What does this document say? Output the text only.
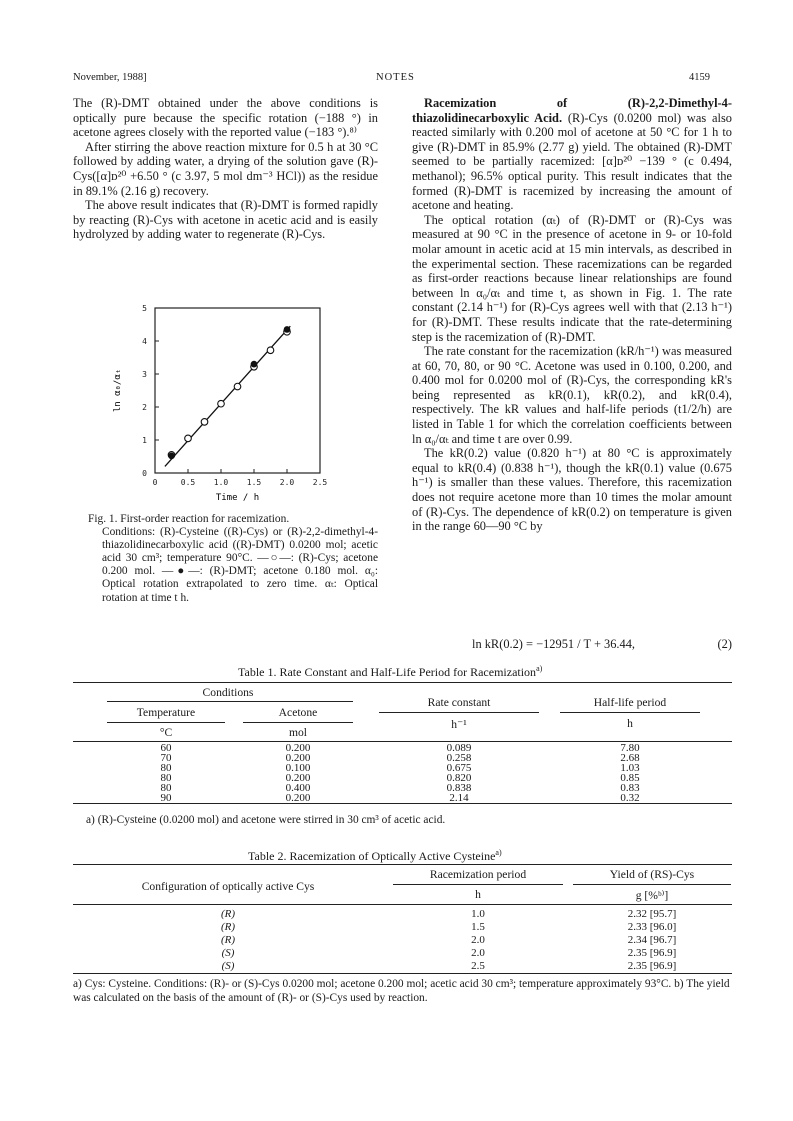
November, 1988]	NOTES	4159

The (R)-DMT obtained under the above conditions is optically pure because the specific rotation (−188 °) in acetone agrees closely with the reported value (−183 °).⁸⁾

After stirring the above reaction mixture for 0.5 h at 30 °C followed by adding water, a drying of the solution gave (R)-Cys([α]ᴅ²⁰ +6.50 ° (c 3.97, 5 mol dm⁻³ HCl)) as the residue in 89.1% (2.16 g) recovery.

The above result indicates that (R)-DMT is formed rapidly by reacting (R)-Cys with acetone in acetic acid and is easily hydrolyzed by adding water to regenerate (R)-Cys.

0	0.5 1.0 1.5 2.0 2.5
0
1
2
3
4
5
Time / h
ln α₀/αₜ

Fig. 1. First-order reaction for racemization.

Conditions: (R)-Cysteine ((R)-Cys) or (R)-2,2-dimethyl-4-thiazolidinecarboxylic acid ((R)-DMT) 0.0200 mol; acetic acid 30 cm³; temperature 90°C. —○—: (R)-Cys; acetone 0.200 mol. —●—: (R)-DMT; acetone 0.180 mol. α₀: Optical rotation extrapolated to zero time. αₜ: Optical rotation at time t h.

Racemization of (R)-2,2-Dimethyl-4-thiazolidinecarboxylic Acid. (R)-Cys (0.0200 mol) was also reacted similarly with 0.200 mol of acetone at 50 °C for 1 h to give (R)-DMT in 85.9% (2.77 g) yield. The obtained (R)-DMT seemed to be partially racemized: [α]ᴅ²⁰ −139 ° (c 0.494, methanol); 96.5% optical purity. This result indicates that the formed (R)-DMT is racemized by increasing the amount of acetone and heating.

The optical rotation (αₜ) of (R)-DMT or (R)-Cys was measured at 90 °C in the presence of acetone in 9- or 10-fold molar amount in acetic acid at 15 min intervals, as described in the experimental section. These racemizations can be regarded as first-order reactions because linear relationships are found between ln α₀/αₜ and time t, as shown in Fig. 1. The rate constant (2.14 h⁻¹) for (R)-Cys agrees well with that (2.13 h⁻¹) for (R)-DMT. These results indicate that the rate-determining step is the racemization of (R)-DMT.

The rate constant for the racemization (kR/h⁻¹) was measured at 60, 70, 80, or 90 °C. Acetone was used in 0.100, 0.200, and 0.400 mol for 0.0200 mol of (R)-Cys, the corresponding kR's being represented as kR(0.1), kR(0.2), and kR(0.4), respectively. The kR values and half-life periods (t1/2/h) are listed in Table 1 for which the correlation coefficients between ln α₀/αₜ and time t are over 0.99.

The kR(0.2) value (0.820 h⁻¹) at 80 °C is approximately equal to kR(0.4) (0.838 h⁻¹), though the kR(0.1) value (0.675 h⁻¹) is smaller than these values. Therefore, this racemization does not require acetone more than 10 times the molar amount of (R)-Cys. The dependence of kR(0.2) on temperature is given in the range 60—90 °C by

ln kR(0.2) = −12951 / T + 36.44,	(2)
Table 1. Rate Constant and Half-Life Period for Racemization$^{a)}$
Conditions
Temperature	Acetone
Rate constant	Half-life period
°C	mol
h⁻¹	h
60	0.200	0.089	7.80
70	0.200	0.258	2.68
80	0.100	0.675	1.03
80	0.200	0.820	0.85
80	0.400	0.838	0.83
90	0.200	2.14	0.32
a) (R)-Cysteine (0.0200 mol) and acetone were stirred in 30 cm³ of acetic acid.
Table 2. Racemization of Optically Active Cysteine$^{a)}$
Configuration of optically active Cys
Racemization period	Yield of (RS)-Cys
h	g [%ᵇ⁾]
(R)	1.0	2.32 [95.7]
(R)	1.5	2.33 [96.0]
(R)	2.0	2.34 [96.7]
(S)	2.0	2.35 [96.9]
(S)	2.5	2.35 [96.9]
a) Cys: Cysteine. Conditions: (R)- or (S)-Cys 0.0200 mol; acetone 0.200 mol; acetic acid 30 cm³; temperature approximately 93°C. b) The yield was calculated on the basis of the amount of (R)- or (S)-Cys used by reaction.
